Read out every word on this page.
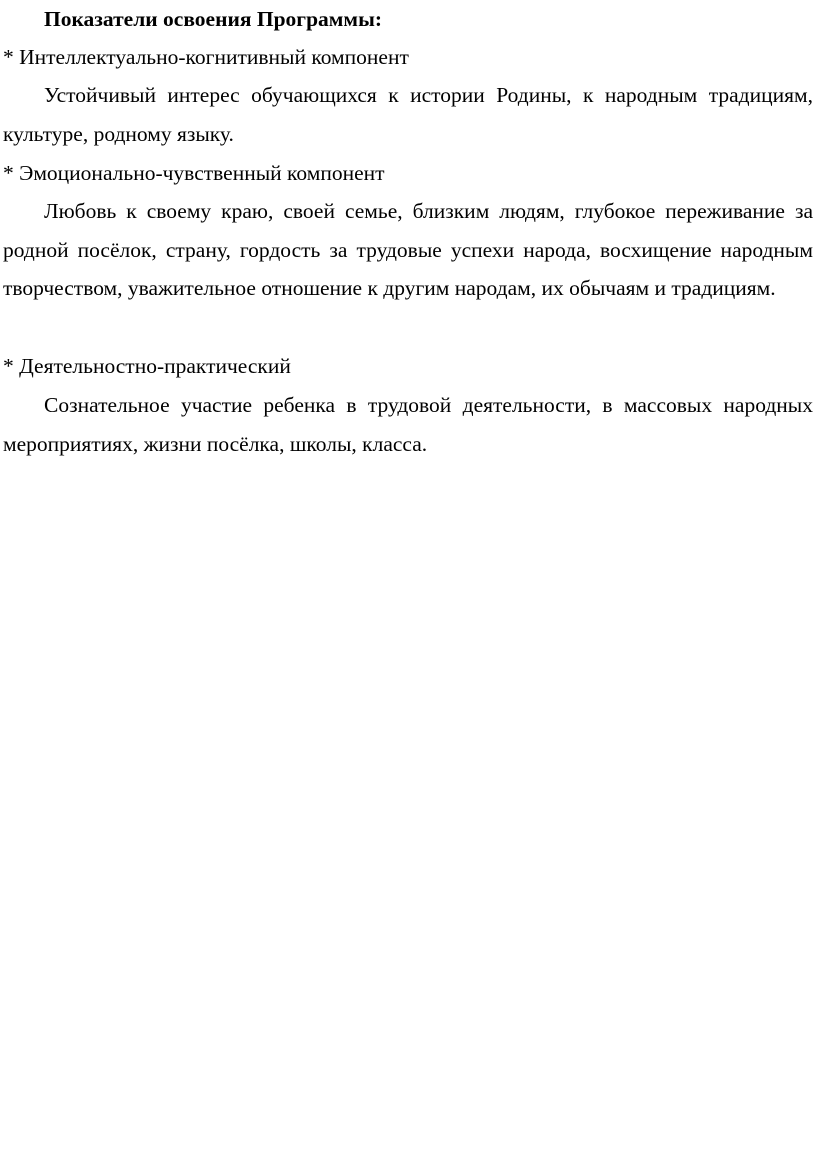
Показатели освоения Программы:
* Интеллектуально-когнитивный компонент
Устойчивый интерес обучающихся к истории Родины, к народным традициям, культуре, родному языку.
* Эмоционально-чувственный компонент
Любовь к своему краю, своей семье, близким людям, глубокое переживание за родной посёлок, страну, гордость за трудовые успехи народа, восхищение народным творчеством, уважительное отношение к другим народам, их обычаям и традициям.
* Деятельностно-практический
Сознательное участие ребенка в трудовой деятельности, в массовых народных мероприятиях, жизни посёлка, школы, класса.
